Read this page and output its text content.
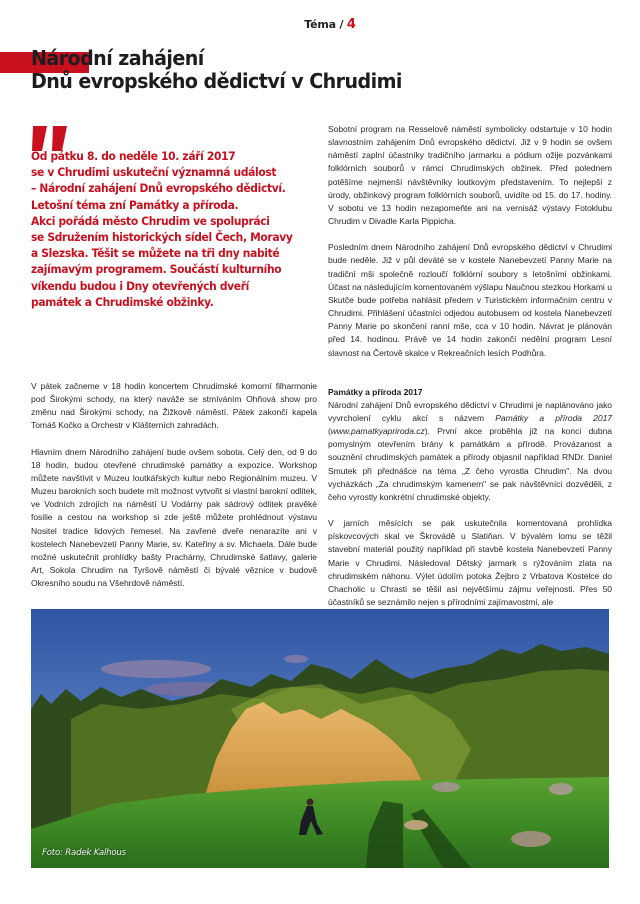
Téma / 4
Národní zahájení
Dnů evropského dědictví v Chrudimi
Od pátku 8. do neděle 10. září 2017
se v Chrudimi uskuteční významná událost
– Národní zahájení Dnů evropského dědictví.
Letošní téma zní Památky a příroda.
Akci pořádá město Chrudim ve spolupráci
se Sdružením historických sídel Čech, Moravy
a Slezska. Těšit se můžete na tři dny nabité
zajímavým programem. Součástí kulturního
víkendu budou i Dny otevřených dveří
památek a Chrudimské obžinky.

V pátek začneme v 18 hodin koncertem Chrudimské komorní filharmonie pod Širokými schody, na který naváže se stmíváním Ohňová show pro změnu nad Širokými schody, na Žižkově náměstí. Pátek zakončí kapela Tomáš Kočko a Orchestr v Klášterních zahradách.

Hlavním dnem Národního zahájení bude ovšem sobota. Celý den, od 9 do 18 hodin, budou otevřené chrudimské památky a expozice. Workshop můžete navštívit v Muzeu loutkářských kultur nebo Regionálním muzeu. V Muzeu barokních soch budete mít možnost vytvořit si vlastní barokní odlitek, ve Vodních zdrojích na náměstí U Vodárny pak sádrový odlitek pravěké fosilie a cestou na workshop si zde ještě můžete prohlédnout výstavu Nositel tradice lidových řemesel. Na zavřené dveře nenarazíte ani v kostelech Nanebevzetí Panny Marie, sv. Kateřiny a sv. Michaela. Dále bude možné uskutečnit prohlídky bašty Prachárny, Chrudimské šatlavy, galerie Art, Sokola Chrudim na Tyršově náměstí či bývalé věznice v budově Okresního soudu na Všehrdově náměstí.

Sobotní program na Resselově náměstí symbolicky odstartuje v 10 hodin slavnostním zahájením Dnů evropského dědictví. Již v 9 hodin se ovšem náměstí zaplní účastníky tradičního jarmarku a pódium ožije pozvánkami folklórních souborů v rámci Chrudimských obžinek. Před polednem potěšíme nejmenší návštěvníky loutkovým představením. To nejlepší z úrody, obžinkový program folklórních souborů, uvidíte od 15. do 17. hodiny. V sobotu ve 13 hodin nezapomeňte ani na vernisáž výstavy Fotoklubu Chrudim v Divadle Karla Pippicha.

Posledním dnem Národního zahájení Dnů evropského dědictví v Chrudimi bude neděle. Již v půl deváté se v kostele Nanebevzetí Panny Marie na tradiční mši společně rozloučí folklórní soubory s letošními obžinkami. Účast na následujícím komentovaném výšlapu Naučnou stezkou Horkami u Skutče bude potřeba nahlásit předem v Turistickém informačním centru v Chrudimi. Přihlášení účastníci odjedou autobusem od kostela Nanebevzetí Panny Marie po skončení ranní mše, cca v 10 hodin. Návrat je plánován před 14. hodinou. Právě ve 14 hodin zakončí nedělní program Lesní slavnost na Čertově skalce v Rekreačních lesích Podhůra.

Památky a příroda 2017

Národní zahájení Dnů evropského dědictví v Chrudimi je naplánováno jako vyvrcholení cyklu akcí s názvem Památky a příroda 2017 (www.pamatkyapriroda.cz). První akce proběhla již na konci dubna pomyslným otevřením brány k památkám a přírodě. Provázanost a souznění chrudimských památek a přírody objasnil například RNDr. Daniel Smutek při přednášce na téma „Z čeho vyrostla Chrudim". Na dvou vycházkách „Za chrudimským kamenem" se pak návštěvníci dozvěděli, z čeho vyrostly konkrétní chrudimské objekty.

V jarních měsících se pak uskutečnila komentovaná prohlídka pískovcových skal ve Škrovádě u Slatiňan. V bývalém lomu se těžil stavební materiál použitý například při stavbě kostela Nanebevzetí Panny Marie v Chrudimi. Následoval Dětský jarmark s rýžováním zlata na chrudimském náhonu. Výlet údolím potoka Žejbro z Vrbatova Kostelce do Chacholic u Chrasti se těšil asi největšímu zájmu veřejnosti. Přes 50 účastníků se seznámilo nejen s přírodními zajímavostmi, ale

Foto: Radek Kalhous
